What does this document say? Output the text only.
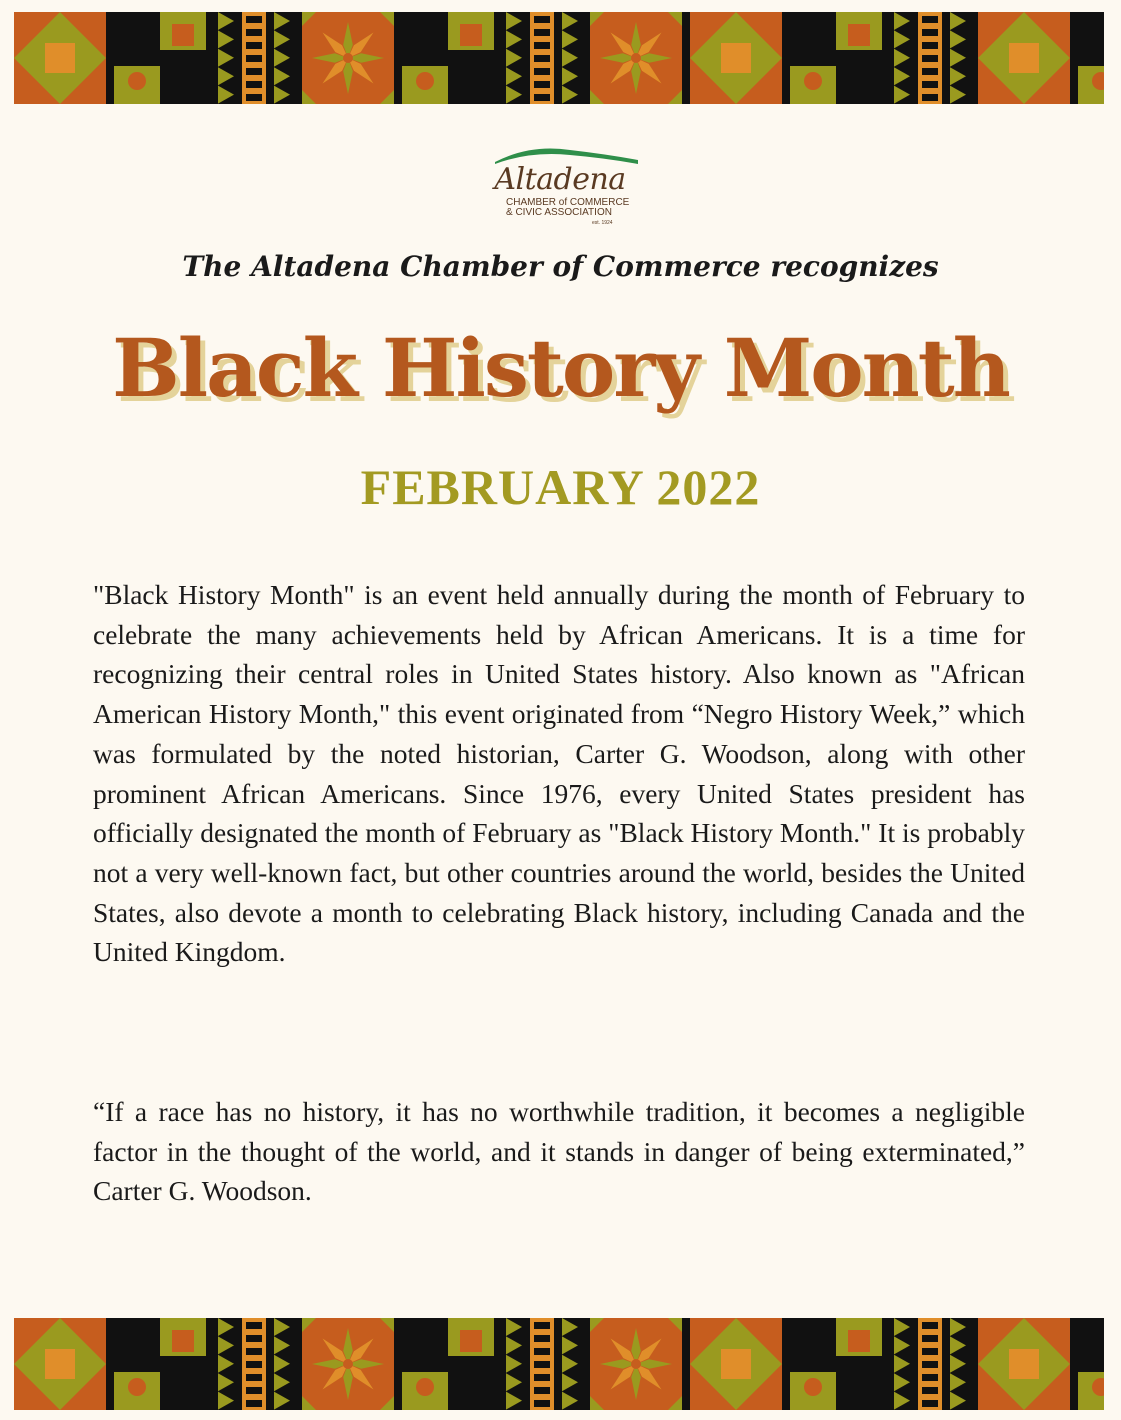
Altadena
CHAMBER of COMMERCE
& CIVIC ASSOCIATION
est. 1924
The Altadena Chamber of Commerce recognizes
Black History Month
FEBRUARY 2022

"Black History Month" is an event held annually during the month of February to celebrate the many achievements held by African Americans. It is a time for recognizing their central roles in United States history. Also known as "African American History Month," this event originated from “Negro History Week,” which was formulated by the noted historian, Carter G. Woodson, along with other prominent African Americans. Since 1976, every United States president has officially designated the month of February as "Black History Month." It is probably not a very well-known fact, but other countries around the world, besides the United States, also devote a month to celebrating Black history, including Canada and the United Kingdom.

“If a race has no history, it has no worthwhile tradition, it becomes a negligible factor in the thought of the world, and it stands in danger of being exterminated,” Carter G. Woodson.
